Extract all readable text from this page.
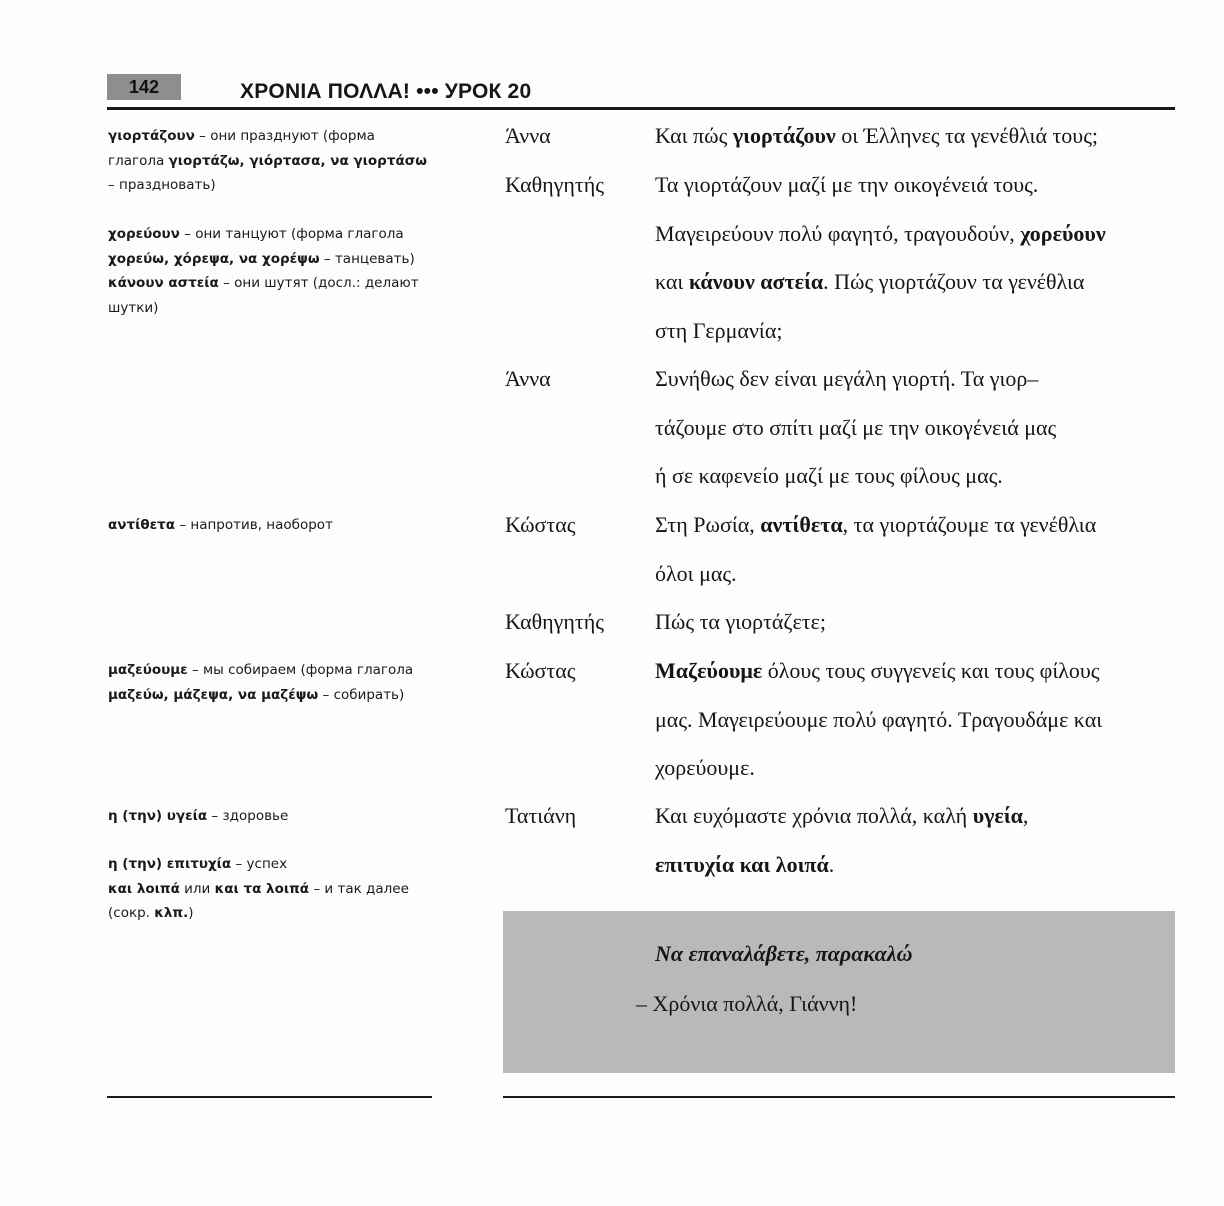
142	ΧΡΟΝΙΑ ΠΟΛΛΑ! ••• УРОК 20
γιορτάζουν – они празднуют (форма глагола γιορτάζω, γιόρτασα, να γιορτάσω – праздновать)
χορεύουν – они танцуют (форма глагола χορεύω, χόρεψα, να χορέψω – танцевать)
κάνουν αστεία – они шутят (досл.: делают шутки)
αντίθετα – напротив, наоборот
μαζεύουμε – мы собираем (форма глагола μαζεύω, μάζεψα, να μαζέψω – собирать)
η (την) υγεία – здоровье
η (την) επιτυχία – успех
και λοιπά или και τα λοιπά – и так далее (сокр. κλπ.)
Άννα	Και πώς γιορτάζουν οι Έλληνες τα γενέθλιά τους;
Καθηγητής Τα γιορτάζουν μαζί με την οικογένειά τους.
Μαγειρεύουν πολύ φαγητό, τραγουδούν, χορεύουν
και κάνουν αστεία. Πώς γιορτάζουν τα γενέθλια
στη Γερμανία;
Άννα	Συνήθως δεν είναι μεγάλη γιορτή. Τα γιορ–
τάζουμε στο σπίτι μαζί με την οικογένειά μας
ή σε καφενείο μαζί με τους φίλους μας.
Κώστας	Στη Ρωσία, αντίθετα, τα γιορτάζουμε τα γενέθλια
όλοι μας.
Καθηγητής Πώς τα γιορτάζετε;
Κώστας	Μαζεύουμε όλους τους συγγενείς και τους φίλους
μας. Μαγειρεύουμε πολύ φαγητό. Τραγουδάμε και
χορεύουμε.
Τατιάνη	Και ευχόμαστε χρόνια πολλά, καλή υγεία,
επιτυχία και λοιπά.
Να επαναλάβετε, παρακαλώ
– Χρόνια πολλά, Γιάννη!
